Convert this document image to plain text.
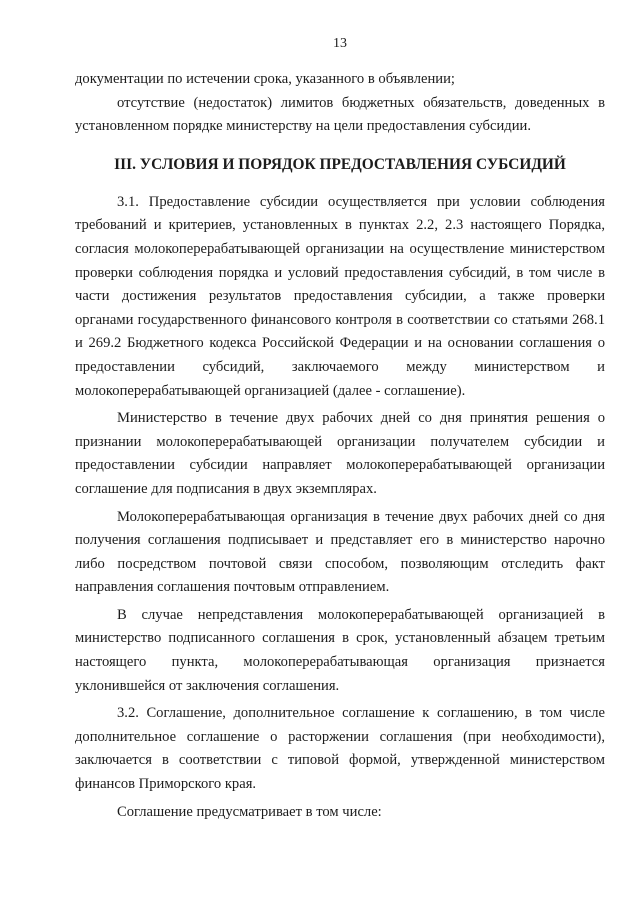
13

документации по истечении срока, указанного в объявлении;

отсутствие (недостаток) лимитов бюджетных обязательств, доведенных в установленном порядке министерству на цели предоставления субсидии.

III. УСЛОВИЯ И ПОРЯДОК ПРЕДОСТАВЛЕНИЯ СУБСИДИЙ

3.1. Предоставление субсидии осуществляется при условии соблюдения требований и критериев, установленных в пунктах 2.2, 2.3 настоящего Порядка, согласия молокоперерабатывающей организации на осуществление министерством проверки соблюдения порядка и условий предоставления субсидий, в том числе в части достижения результатов предоставления субсидии, а также проверки органами государственного финансового контроля в соответствии со статьями 268.1 и 269.2 Бюджетного кодекса Российской Федерации и на основании соглашения о предоставлении субсидий, заключаемого между министерством и молокоперерабатывающей организацией (далее - соглашение).

Министерство в течение двух рабочих дней со дня принятия решения о признании молокоперерабатывающей организации получателем субсидии и предоставлении субсидии направляет молокоперерабатывающей организации соглашение для подписания в двух экземплярах.

Молокоперерабатывающая организация в течение двух рабочих дней со дня получения соглашения подписывает и представляет его в министерство нарочно либо посредством почтовой связи способом, позволяющим отследить факт направления соглашения почтовым отправлением.

В случае непредставления молокоперерабатывающей организацией в министерство подписанного соглашения в срок, установленный абзацем третьим настоящего пункта, молокоперерабатывающая организация признается уклонившейся от заключения соглашения.

3.2. Соглашение, дополнительное соглашение к соглашению, в том числе дополнительное соглашение о расторжении соглашения (при необходимости), заключается в соответствии с типовой формой, утвержденной министерством финансов Приморского края.

Соглашение предусматривает в том числе:
